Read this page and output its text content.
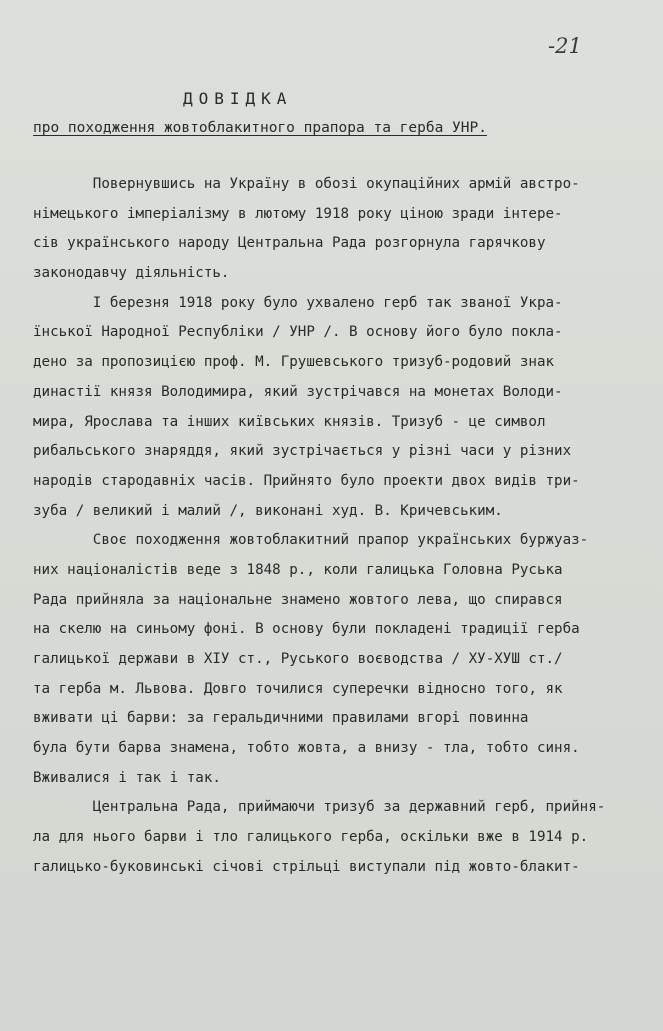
-21
ДОВІДКА
про походження жовтоблакитного прапора та герба УНР.
Повернувшись на Україну в обозі окупаційних армій австро-
німецького імперіалізму в лютому 1918 року ціною зради інтере-
сів українського народу Центральна Рада розгорнула гарячкову
законодавчу діяльність.
І березня 1918 року було ухвалено герб так званої Укра-
їнської Народної Республіки / УНР /. В основу його було покла-
дено за пропозицією проф. М. Грушевського тризуб-родовий знак
династії князя Володимира, який зустрічався на монетах Володи-
мира, Ярослава та інших київських князів. Тризуб - це символ
рибальського знаряддя, який зустрічається у різні часи у різних
народів стародавніх часів. Прийнято було проекти двох видів три-
зуба / великий і малий /, виконані худ. В. Кричевським.
Своє походження жовтоблакитний прапор українських буржуаз-
них націоналістів веде з 1848 р., коли галицька Головна Руська
Рада прийняла за національне знамено жовтого лева, що спирався
на скелю на синьому фоні. В основу були покладені традиції герба
галицької держави в ХІУ ст., Руського воєводства / ХУ-ХУШ ст./
та герба м. Львова. Довго точилися суперечки відносно того, як
вживати ці барви: за геральдичними правилами вгорі повинна
була бути барва знамена, тобто жовта, а внизу - тла, тобто синя.
Вживалися і так і так.
Центральна Рада, приймаючи тризуб за державний герб, прийня-
ла для нього барви і тло галицького герба, оскільки вже в 1914 р.
галицько-буковинські січові стрільці виступали під жовто-блакит-
